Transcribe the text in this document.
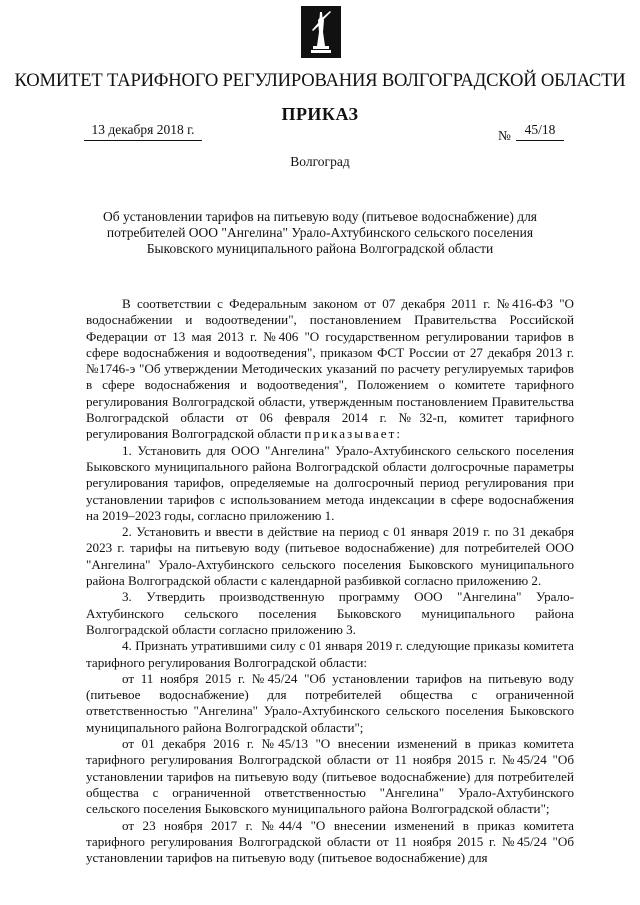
КОМИТЕТ ТАРИФНОГО РЕГУЛИРОВАНИЯ ВОЛГОГРАДСКОЙ ОБЛАСТИ
ПРИКАЗ
13 декабря 2018 г.	№	45/18
Волгоград
Об установлении тарифов на питьевую воду (питьевое водоснабжение) для потребителей ООО "Ангелина" Урало-Ахтубинского сельского поселения Быковского муниципального района Волгоградской области

В соответствии с Федеральным законом от 07 декабря 2011 г. №416-ФЗ "О водоснабжении и водоотведении", постановлением Правительства Российской Федерации от 13 мая 2013 г. №406 "О государственном регулировании тарифов в сфере водоснабжения и водоотведения", приказом ФСТ России от 27 декабря 2013 г. №1746-э "Об утверждении Методических указаний по расчету регулируемых тарифов в сфере водоснабжения и водоотведения", Положением о комитете тарифного регулирования Волгоградской области, утвержденным постановлением Правительства Волгоградской области от 06 февраля 2014 г. №32-п, комитет тарифного регулирования Волгоградской области приказывает:

1. Установить для ООО "Ангелина" Урало-Ахтубинского сельского поселения Быковского муниципального района Волгоградской области долгосрочные параметры регулирования тарифов, определяемые на долгосрочный период регулирования при установлении тарифов с использованием метода индексации в сфере водоснабжения на 2019–2023 годы, согласно приложению 1.

2. Установить и ввести в действие на период с 01 января 2019 г. по 31 декабря 2023 г. тарифы на питьевую воду (питьевое водоснабжение) для потребителей ООО "Ангелина" Урало-Ахтубинского сельского поселения Быковского муниципального района Волгоградской области с календарной разбивкой согласно приложению 2.

3. Утвердить производственную программу ООО "Ангелина" Урало-Ахтубинского сельского поселения Быковского муниципального района Волгоградской области согласно приложению 3.

4. Признать утратившими силу с 01 января 2019 г. следующие приказы комитета тарифного регулирования Волгоградской области:

от 11 ноября 2015 г. №45/24 "Об установлении тарифов на питьевую воду (питьевое водоснабжение) для потребителей общества с ограниченной ответственностью "Ангелина" Урало-Ахтубинского сельского поселения Быковского муниципального района Волгоградской области";

от 01 декабря 2016 г. №45/13 "О внесении изменений в приказ комитета тарифного регулирования Волгоградской области от 11 ноября 2015 г. №45/24 "Об установлении тарифов на питьевую воду (питьевое водоснабжение) для потребителей общества с ограниченной ответственностью "Ангелина" Урало-Ахтубинского сельского поселения Быковского муниципального района Волгоградской области";

от 23 ноября 2017 г. №44/4 "О внесении изменений в приказ комитета тарифного регулирования Волгоградской области от 11 ноября 2015 г. №45/24 "Об установлении тарифов на питьевую воду (питьевое водоснабжение) для
